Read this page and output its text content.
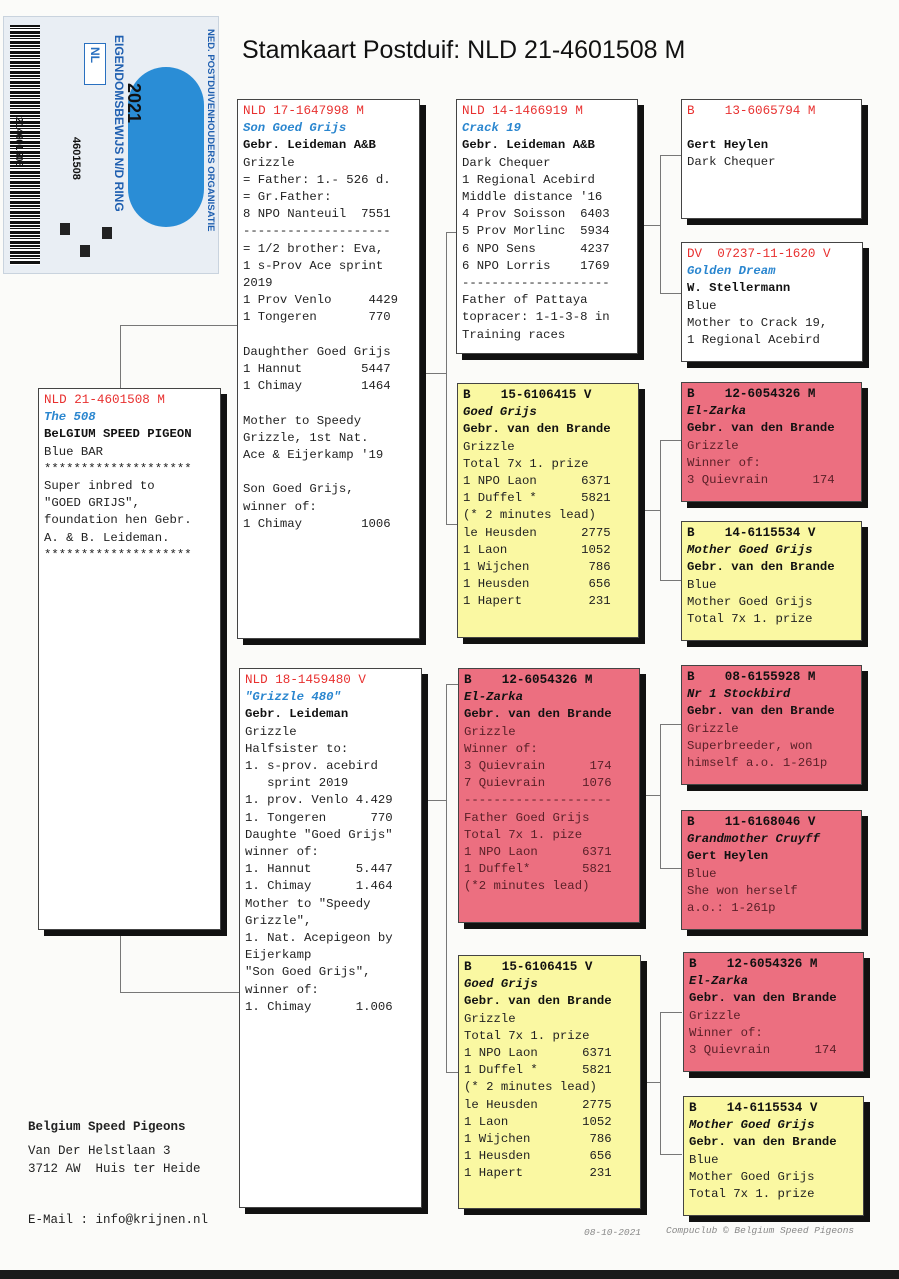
214601508
NL
4601508
2021
EIGENDOMSBEWIJS N/D RING	NED. POSTDUIVENHOUDERS ORGANISATIE Stamkaart Postduif: NLD 21-4601508 M
NLD 21-4601508 M
The 508
BeLGIUM SPEED PIGEON
Blue BAR
********************
Super inbred to
"GOED GRIJS",
foundation hen Gebr.
A. & B. Leideman.
********************
NLD 17-1647998 M
Son Goed Grijs
Gebr. Leideman A&B
Grizzle
= Father: 1.- 526 d.
= Gr.Father:
8 NPO Nanteuil  7551
--------------------
= 1/2 brother: Eva,
1 s-Prov Ace sprint
2019
1 Prov Venlo     4429
1 Tongeren       770

Daughther Goed Grijs
1 Hannut        5447
1 Chimay        1464

Mother to Speedy
Grizzle, 1st Nat.
Ace & Eijerkamp '19

Son Goed Grijs,
winner of:
1 Chimay        1006
NLD 18-1459480 V
"Grizzle 480"
Gebr. Leideman
Grizzle
Halfsister to:
1. s-prov. acebird
sprint 2019
1. prov. Venlo 4.429
1. Tongeren      770
Daughte "Goed Grijs"
winner of:
1. Hannut      5.447
1. Chimay      1.464
Mother to "Speedy
Grizzle",
1. Nat. Acepigeon by
Eijerkamp
"Son Goed Grijs",
winner of:
1. Chimay      1.006
NLD 14-1466919 M
Crack 19
Gebr. Leideman A&B
Dark Chequer
1 Regional Acebird
Middle distance '16
4 Prov Soisson  6403
5 Prov Morlinc  5934
6 NPO Sens      4237
6 NPO Lorris    1769
--------------------
Father of Pattaya
topracer: 1-1-3-8 in
Training races
B    15-6106415 V
Goed Grijs
Gebr. van den Brande
Grizzle
Total 7x 1. prize
1 NPO Laon      6371
1 Duffel *      5821
(* 2 minutes lead)
le Heusden      2775
1 Laon          1052
1 Wijchen        786
1 Heusden        656
1 Hapert         231
B    12-6054326 M
El-Zarka
Gebr. van den Brande
Grizzle
Winner of:
3 Quievrain      174
7 Quievrain     1076
--------------------
Father Goed Grijs
Total 7x 1. pize
1 NPO Laon      6371
1 Duffel*       5821
(*2 minutes lead)
B    15-6106415 V
Goed Grijs
Gebr. van den Brande
Grizzle
Total 7x 1. prize
1 NPO Laon      6371
1 Duffel *      5821
(* 2 minutes lead)
le Heusden      2775
1 Laon          1052
1 Wijchen        786
1 Heusden        656
1 Hapert         231
B    13-6065794 M
Gert Heylen
Dark Chequer
DV  07237-11-1620 V
Golden Dream
W. Stellermann
Blue
Mother to Crack 19,
1 Regional Acebird
B    12-6054326 M
El-Zarka
Gebr. van den Brande
Grizzle
Winner of:
3 Quievrain      174
B    14-6115534 V
Mother Goed Grijs
Gebr. van den Brande
Blue
Mother Goed Grijs
Total 7x 1. prize
B    08-6155928 M
Nr 1 Stockbird
Gebr. van den Brande
Grizzle
Superbreeder, won
himself a.o. 1-261p
B    11-6168046 V
Grandmother Cruyff
Gert Heylen
Blue
She won herself
a.o.: 1-261p
B    12-6054326 M
El-Zarka
Gebr. van den Brande
Grizzle
Winner of:
3 Quievrain      174
B    14-6115534 V
Mother Goed Grijs
Gebr. van den Brande
Blue
Mother Goed Grijs
Total 7x 1. prize
Belgium Speed Pigeons
Van Der Helstlaan 3
3712 AW  Huis ter Heide
E-Mail : info@krijnen.nl
08-10-2021	Compuclub © Belgium Speed Pigeons
